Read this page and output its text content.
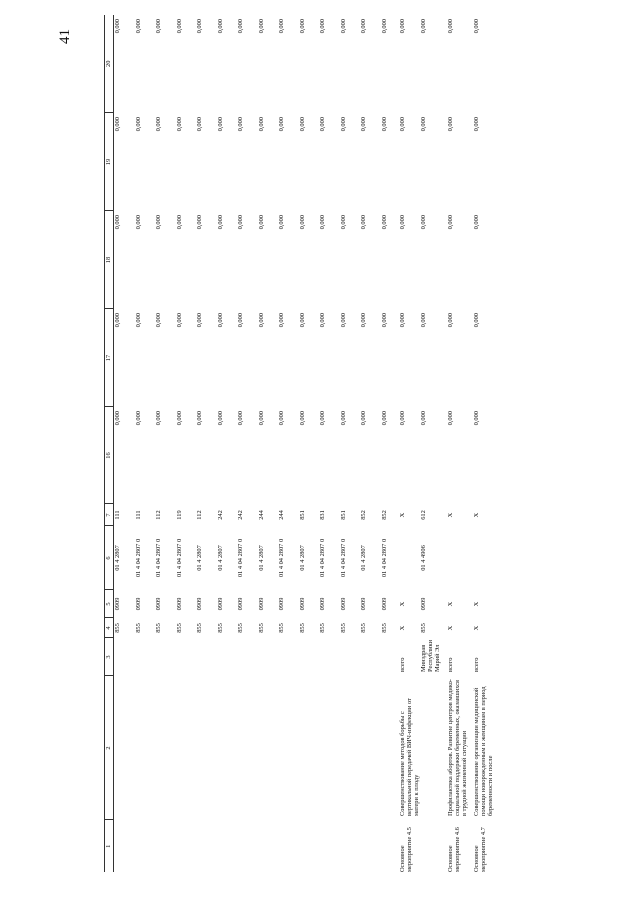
41
1	2	3	4	5	6	7	16	17	18	19	20
			855	0909	01 4 2807	111	0,000	0,000	0,000	0,000	0,000
			855	0909	01 4 04 2807 0	111	0,000	0,000	0,000	0,000	0,000
			855	0909	01 4 04 2807 0	112	0,000	0,000	0,000	0,000	0,000
			855	0909	01 4 04 2807 0	119	0,000	0,000	0,000	0,000	0,000
			855	0909	01 4 2807	112	0,000	0,000	0,000	0,000	0,000
			855	0909	01 4 2807	242	0,000	0,000	0,000	0,000	0,000
			855	0909	01 4 04 2807 0	242	0,000	0,000	0,000	0,000	0,000
			855	0909	01 4 2807	244	0,000	0,000	0,000	0,000	0,000
			855	0909	01 4 04 2807 0	244	0,000	0,000	0,000	0,000	0,000
			855	0909	01 4 2807	851	0,000	0,000	0,000	0,000	0,000
			855	0909	01 4 04 2807 0	831	0,000	0,000	0,000	0,000	0,000
			855	0909	01 4 04 2807 0	851	0,000	0,000	0,000	0,000	0,000
			855	0909	01 4 2807	852	0,000	0,000	0,000	0,000	0,000
			855	0909	01 4 04 2807 0	852	0,000	0,000	0,000	0,000	0,000
Основное мероприятие 4.5	Совершенствование методов борьбы с вертикальной передачей ВИЧ-инфекции от матери к плоду	всего	X	X		X	0,000	0,000	0,000	0,000	0,000
		Минздрав Республики Марий Эл	855	0909	01 4 4906	612	0,000	0,000	0,000	0,000	0,000
Основное мероприятие 4.6	Профилактика абортов. Развитие центров медико-социальной поддержки беременных, оказавшихся в трудной жизненной ситуации	всего	X	X		X	0,000	0,000	0,000	0,000	0,000
Основное мероприятие 4.7	Совершенствование организации медицинской помощи новорожденным и женщинам в период беременности и после	всего	X	X		X	0,000	0,000	0,000	0,000	0,000
